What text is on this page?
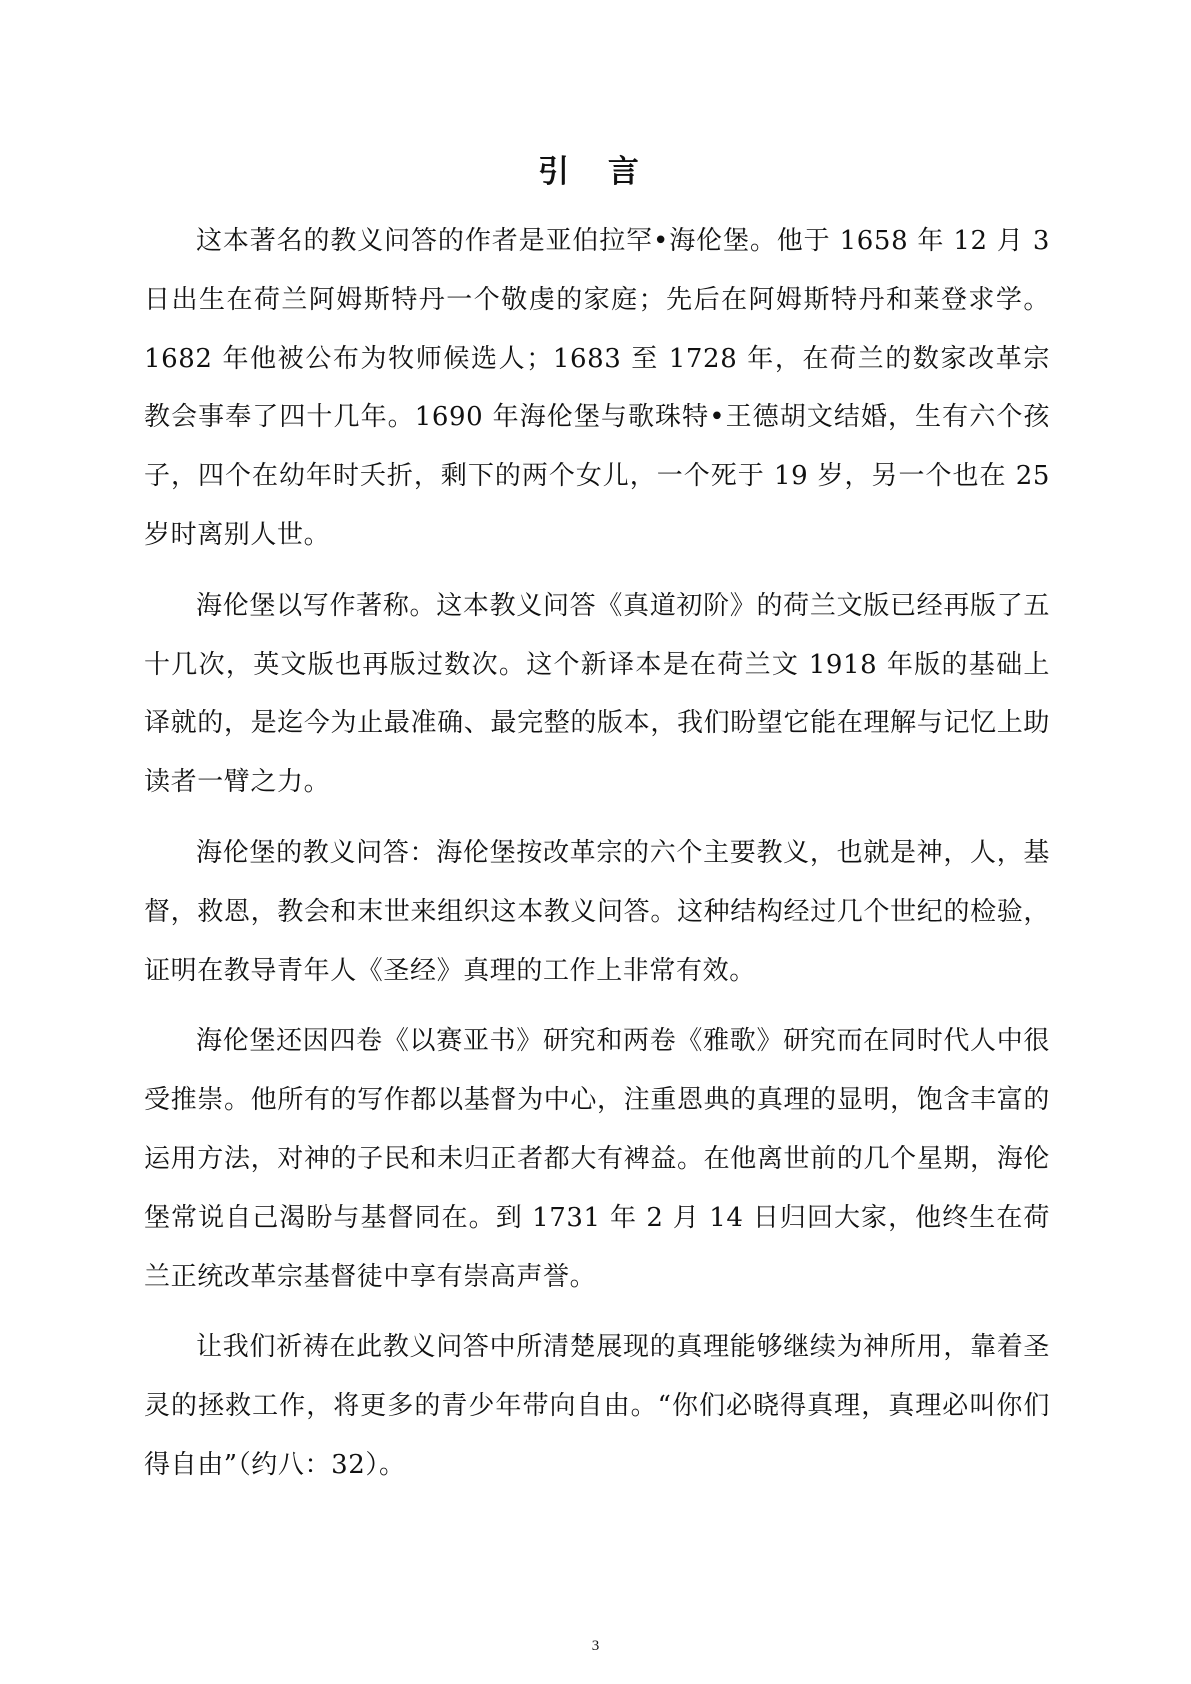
引 言

这本著名的教义问答的作者是亚伯拉罕•海伦堡。他于 1658 年 12 月 3 日出生在荷兰阿姆斯特丹一个敬虔的家庭；先后在阿姆斯特丹和莱登求学。1682 年他被公布为牧师候选人；1683 至 1728 年，在荷兰的数家改革宗教会事奉了四十几年。1690 年海伦堡与歌珠特•王德胡文结婚，生有六个孩子，四个在幼年时夭折，剩下的两个女儿，一个死于 19 岁，另一个也在 25 岁时离别人世。

海伦堡以写作著称。这本教义问答《真道初阶》的荷兰文版已经再版了五十几次，英文版也再版过数次。这个新译本是在荷兰文 1918 年版的基础上译就的，是迄今为止最准确、最完整的版本，我们盼望它能在理解与记忆上助读者一臂之力。

海伦堡的教义问答：海伦堡按改革宗的六个主要教义，也就是神，人，基督，救恩，教会和末世来组织这本教义问答。这种结构经过几个世纪的检验，证明在教导青年人《圣经》真理的工作上非常有效。

海伦堡还因四卷《以赛亚书》研究和两卷《雅歌》研究而在同时代人中很受推崇。他所有的写作都以基督为中心，注重恩典的真理的显明，饱含丰富的运用方法，对神的子民和未归正者都大有裨益。在他离世前的几个星期，海伦堡常说自己渴盼与基督同在。到 1731 年 2 月 14 日归回大家，他终生在荷兰正统改革宗基督徒中享有崇高声誉。

让我们祈祷在此教义问答中所清楚展现的真理能够继续为神所用，靠着圣灵的拯救工作，将更多的青少年带向自由。“你们必晓得真理，真理必叫你们得自由”（约八：32）。

3
